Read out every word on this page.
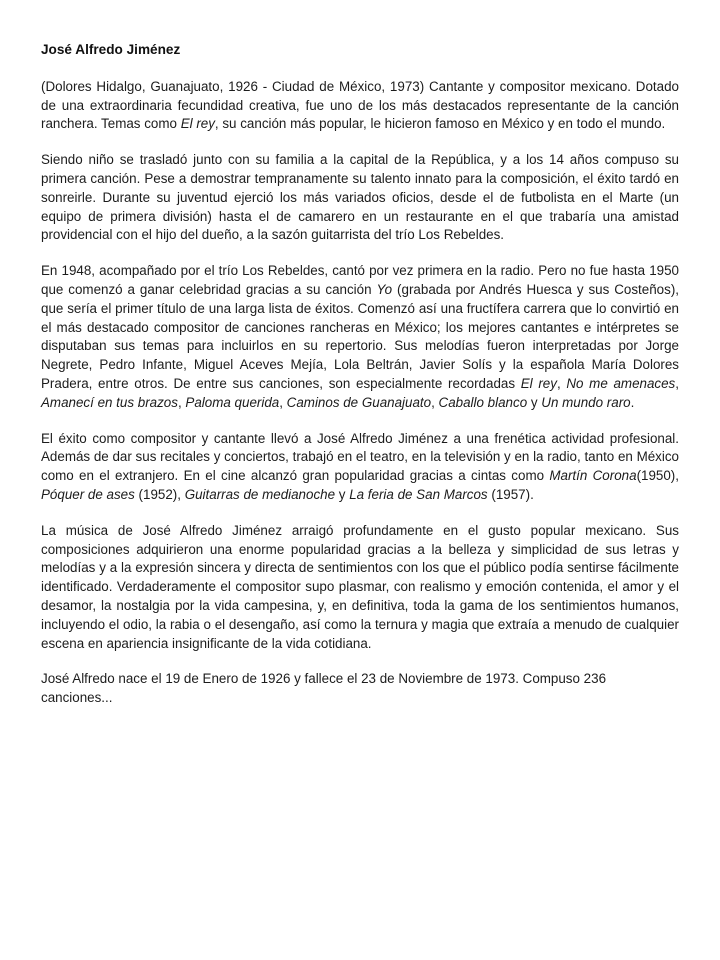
José Alfredo Jiménez

(Dolores Hidalgo, Guanajuato, 1926 - Ciudad de México, 1973) Cantante y compositor mexicano. Dotado de una extraordinaria fecundidad creativa, fue uno de los más destacados representante de la canción ranchera. Temas como El rey, su canción más popular, le hicieron famoso en México y en todo el mundo.

Siendo niño se trasladó junto con su familia a la capital de la República, y a los 14 años compuso su primera canción. Pese a demostrar tempranamente su talento innato para la composición, el éxito tardó en sonreirle. Durante su juventud ejerció los más variados oficios, desde el de futbolista en el Marte (un equipo de primera división) hasta el de camarero en un restaurante en el que trabaría una amistad providencial con el hijo del dueño, a la sazón guitarrista del trío Los Rebeldes.

En 1948, acompañado por el trío Los Rebeldes, cantó por vez primera en la radio. Pero no fue hasta 1950 que comenzó a ganar celebridad gracias a su canción Yo (grabada por Andrés Huesca y sus Costeños), que sería el primer título de una larga lista de éxitos. Comenzó así una fructífera carrera que lo convirtió en el más destacado compositor de canciones rancheras en México; los mejores cantantes e intérpretes se disputaban sus temas para incluirlos en su repertorio. Sus melodías fueron interpretadas por Jorge Negrete, Pedro Infante, Miguel Aceves Mejía, Lola Beltrán, Javier Solís y la española María Dolores Pradera, entre otros. De entre sus canciones, son especialmente recordadas El rey, No me amenaces, Amanecí en tus brazos, Paloma querida, Caminos de Guanajuato, Caballo blanco y Un mundo raro.

El éxito como compositor y cantante llevó a José Alfredo Jiménez a una frenética actividad profesional. Además de dar sus recitales y conciertos, trabajó en el teatro, en la televisión y en la radio, tanto en México como en el extranjero. En el cine alcanzó gran popularidad gracias a cintas como Martín Corona(1950), Póquer de ases (1952), Guitarras de medianoche y La feria de San Marcos (1957).

La música de José Alfredo Jiménez arraigó profundamente en el gusto popular mexicano. Sus composiciones adquirieron una enorme popularidad gracias a la belleza y simplicidad de sus letras y melodías y a la expresión sincera y directa de sentimientos con los que el público podía sentirse fácilmente identificado. Verdaderamente el compositor supo plasmar, con realismo y emoción contenida, el amor y el desamor, la nostalgia por la vida campesina, y, en definitiva, toda la gama de los sentimientos humanos, incluyendo el odio, la rabia o el desengaño, así como la ternura y magia que extraía a menudo de cualquier escena en apariencia insignificante de la vida cotidiana.

José Alfredo nace el 19 de Enero de 1926 y fallece el 23 de Noviembre de 1973. Compuso 236 canciones...
